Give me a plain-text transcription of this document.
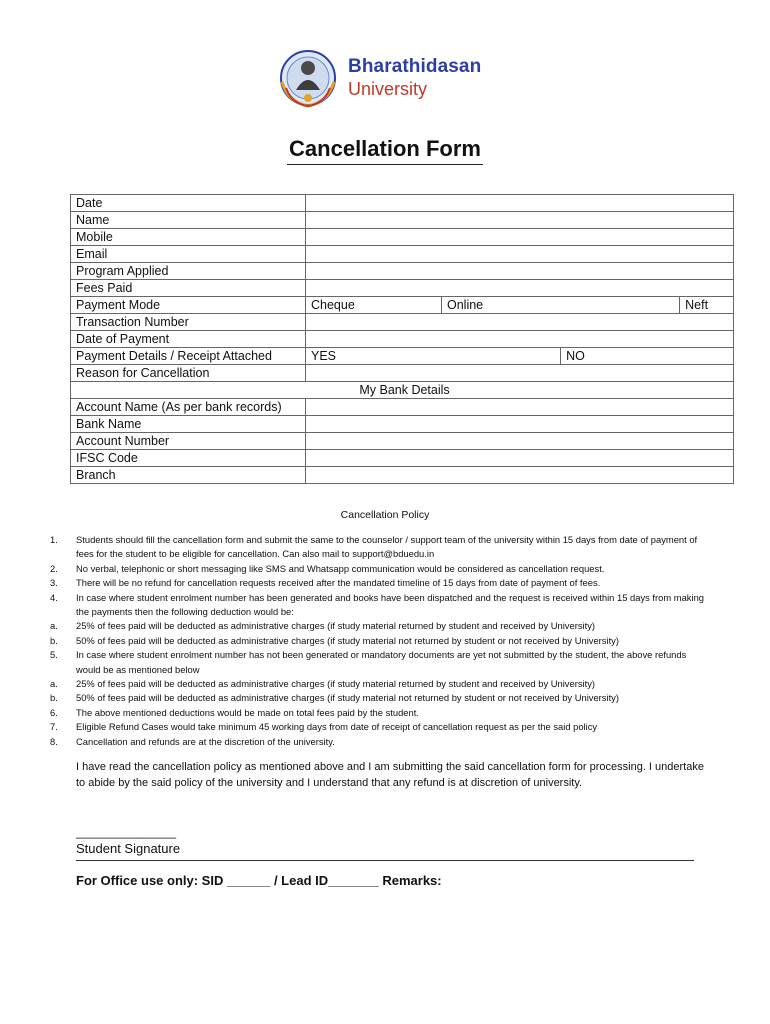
Bharathidasan
University
Cancellation Form
Date				
Name				
Mobile				
Email				
Program Applied				
Fees Paid				
Payment Mode	Cheque	Online		Neft
Transaction Number				
Date of Payment				
Payment Details / Receipt Attached	YES		NO	
Reason for Cancellation				
My Bank Details				
Account Name (As per bank records)				
Bank Name				
Account Number				
IFSC Code				
Branch				
Cancellation Policy
1.	Students should fill the cancellation form and submit the same to the counselor / support team of the university within 15 days from date of payment of fees for the student to be eligible for cancellation. Can also mail to support@bduedu.in
2.	No verbal, telephonic or short messaging like SMS and Whatsapp communication would be considered as cancellation request.
3.	There will be no refund for cancellation requests received after the mandated timeline of 15 days from date of payment of fees.
4.	In case where student enrolment number has been generated and books have been dispatched and the request is received within 15 days from making the payments then the following deduction would be:
a.	25% of fees paid will be deducted as administrative charges (if study material returned by student and received by University)
b.	50% of fees paid will be deducted as administrative charges (if study material not returned by student or not received by University)
5.	In case where student enrolment number has not been generated or mandatory documents are yet not submitted by the student, the above refunds would be as mentioned below
a.	25% of fees paid will be deducted as administrative charges (if study material returned by student and received by University)
b.	50% of fees paid will be deducted as administrative charges (if study material not returned by student or not received by University)
6.	The above mentioned deductions would be made on total fees paid by the student.
7.	Eligible Refund Cases would take minimum 45 working days from date of receipt of cancellation request as per the said policy
8.	Cancellation and refunds are at the discretion of the university.
I have read the cancellation policy as mentioned above and I am submitting the said cancellation form for processing. I undertake to abide by the said policy of the university and I understand that any refund is at discretion of university.
_______________
Student Signature
For Office use only: SID ______ / Lead ID_______ Remarks:
